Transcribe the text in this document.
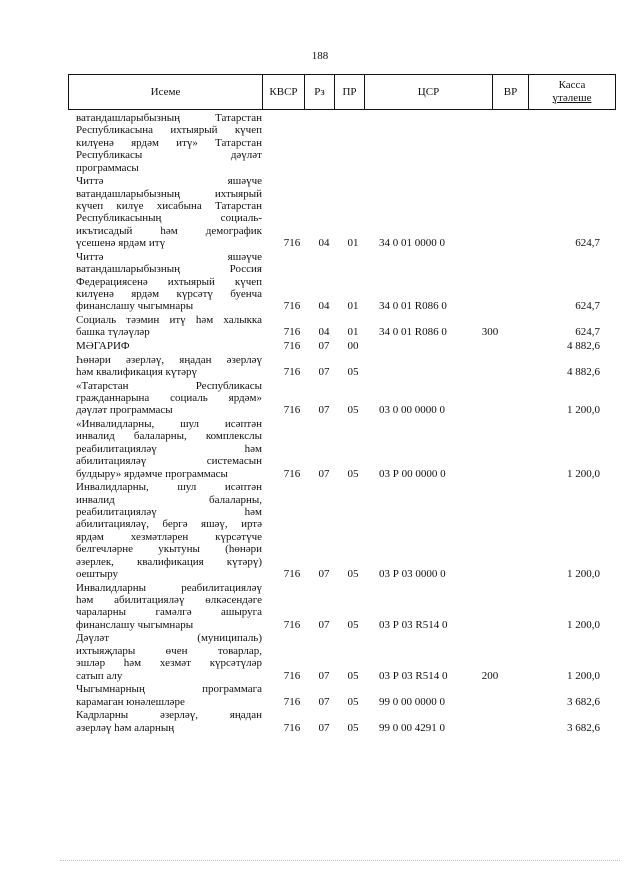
188
Исеме	КВСР	Рз	ПР	ЦСР	ВР
Касса
үтәлеше
ватандашларыбызның Татарстан
Республикасына ихтыярый күчеп
килүенә ярдәм итү» Татарстан
Республикасы дәүләт
программасы
Читтә яшәүче
ватандашларыбызның ихтыярый
күчеп килүе хисабына Татарстан
Республикасының социаль-
икътисадый һәм демографик
үсешенә ярдәм итү	716	04	01	34 0 01 0000 0	624,7
Читтә яшәүче
ватандашларыбызның Россия
Федерациясенә ихтыярый күчеп
килүенә ярдәм күрсәтү буенча
финанслашу чыгымнары	716	04	01	34 0 01 R086 0	624,7
Социаль тәэмин итү һәм халыкка
башка түләүләр	716	04	01	34 0 01 R086 0	300	624,7
МӘГАРИФ	716	07	00	4 882,6
Һөнәри әзерләү, яңадан әзерләү
һәм квалификация күтәрү	716	07	05	4 882,6
«Татарстан Республикасы
гражданнарына социаль ярдәм»
дәүләт программасы	716	07	05	03 0 00 0000 0	1 200,0
«Инвалидларны, шул исәптән
инвалид балаларны, комплекслы
реабилитацияләү һәм
абилитацияләү системасын
булдыру» ярдәмче программасы	716	07	05	03 Р 00 0000 0	1 200,0
Инвалидларны, шул исәптән
инвалид балаларны,
реабилитацияләү һәм
абилитацияләү, бергә яшәү, иртә
ярдәм хезмәтләрен күрсәтүче
белгечләрне укытуны (һөнәри
әзерлек, квалификация күтәрү)
оештыру	716	07	05	03 Р 03 0000 0	1 200,0
Инвалидларны реабилитацияләү
һәм абилитацияләү өлкәсендәге
чараларны гамәлгә ашыруга
финанслашу чыгымнары	716	07	05	03 Р 03 R514 0	1 200,0
Дәүләт (муниципаль)
ихтыяҗлары өчен товарлар,
эшләр һәм хезмәт күрсәтүләр
сатып алу	716	07	05	03 Р 03 R514 0	200	1 200,0
Чыгымнарның программага
карамаган юнәлешләре	716	07	05	99 0 00 0000 0	3 682,6
Кадрларны әзерләү, яңадан
әзерләү һәм аларның	716	07	05	99 0 00 4291 0	3 682,6
